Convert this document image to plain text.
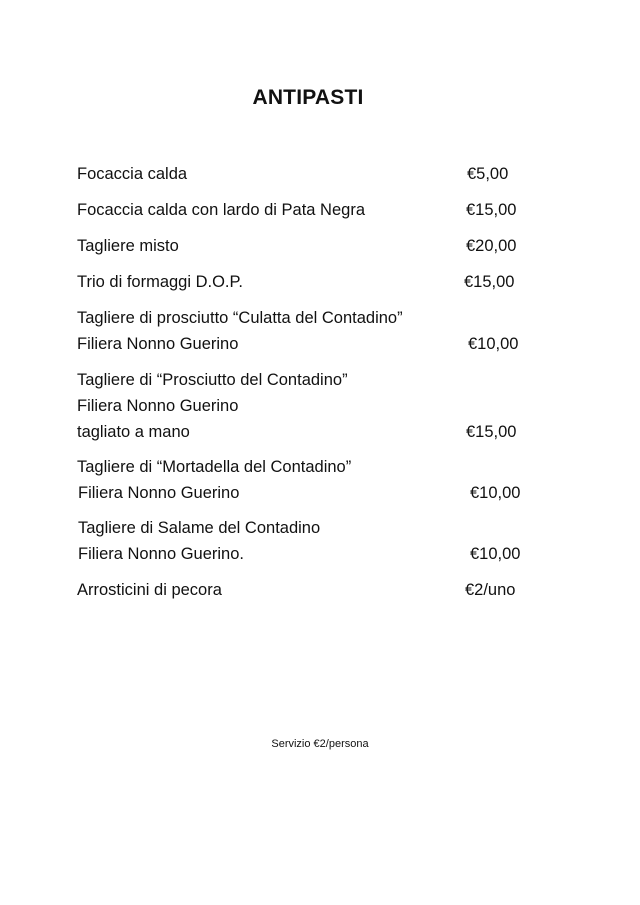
ANTIPASTI
Focaccia calda	€5,00
Focaccia calda con lardo di Pata Negra	€15,00
Tagliere misto	€20,00
Trio di formaggi D.O.P.	€15,00
Tagliere di prosciutto “Culatta del Contadino”
Filiera Nonno Guerino	€10,00
Tagliere di “Prosciutto del Contadino”
Filiera Nonno Guerino
tagliato a mano	€15,00
Tagliere di “Mortadella del Contadino”
Filiera Nonno Guerino	€10,00
Tagliere di Salame del Contadino
Filiera Nonno Guerino.	€10,00
Arrosticini di pecora	€2/uno
Servizio €2/persona
